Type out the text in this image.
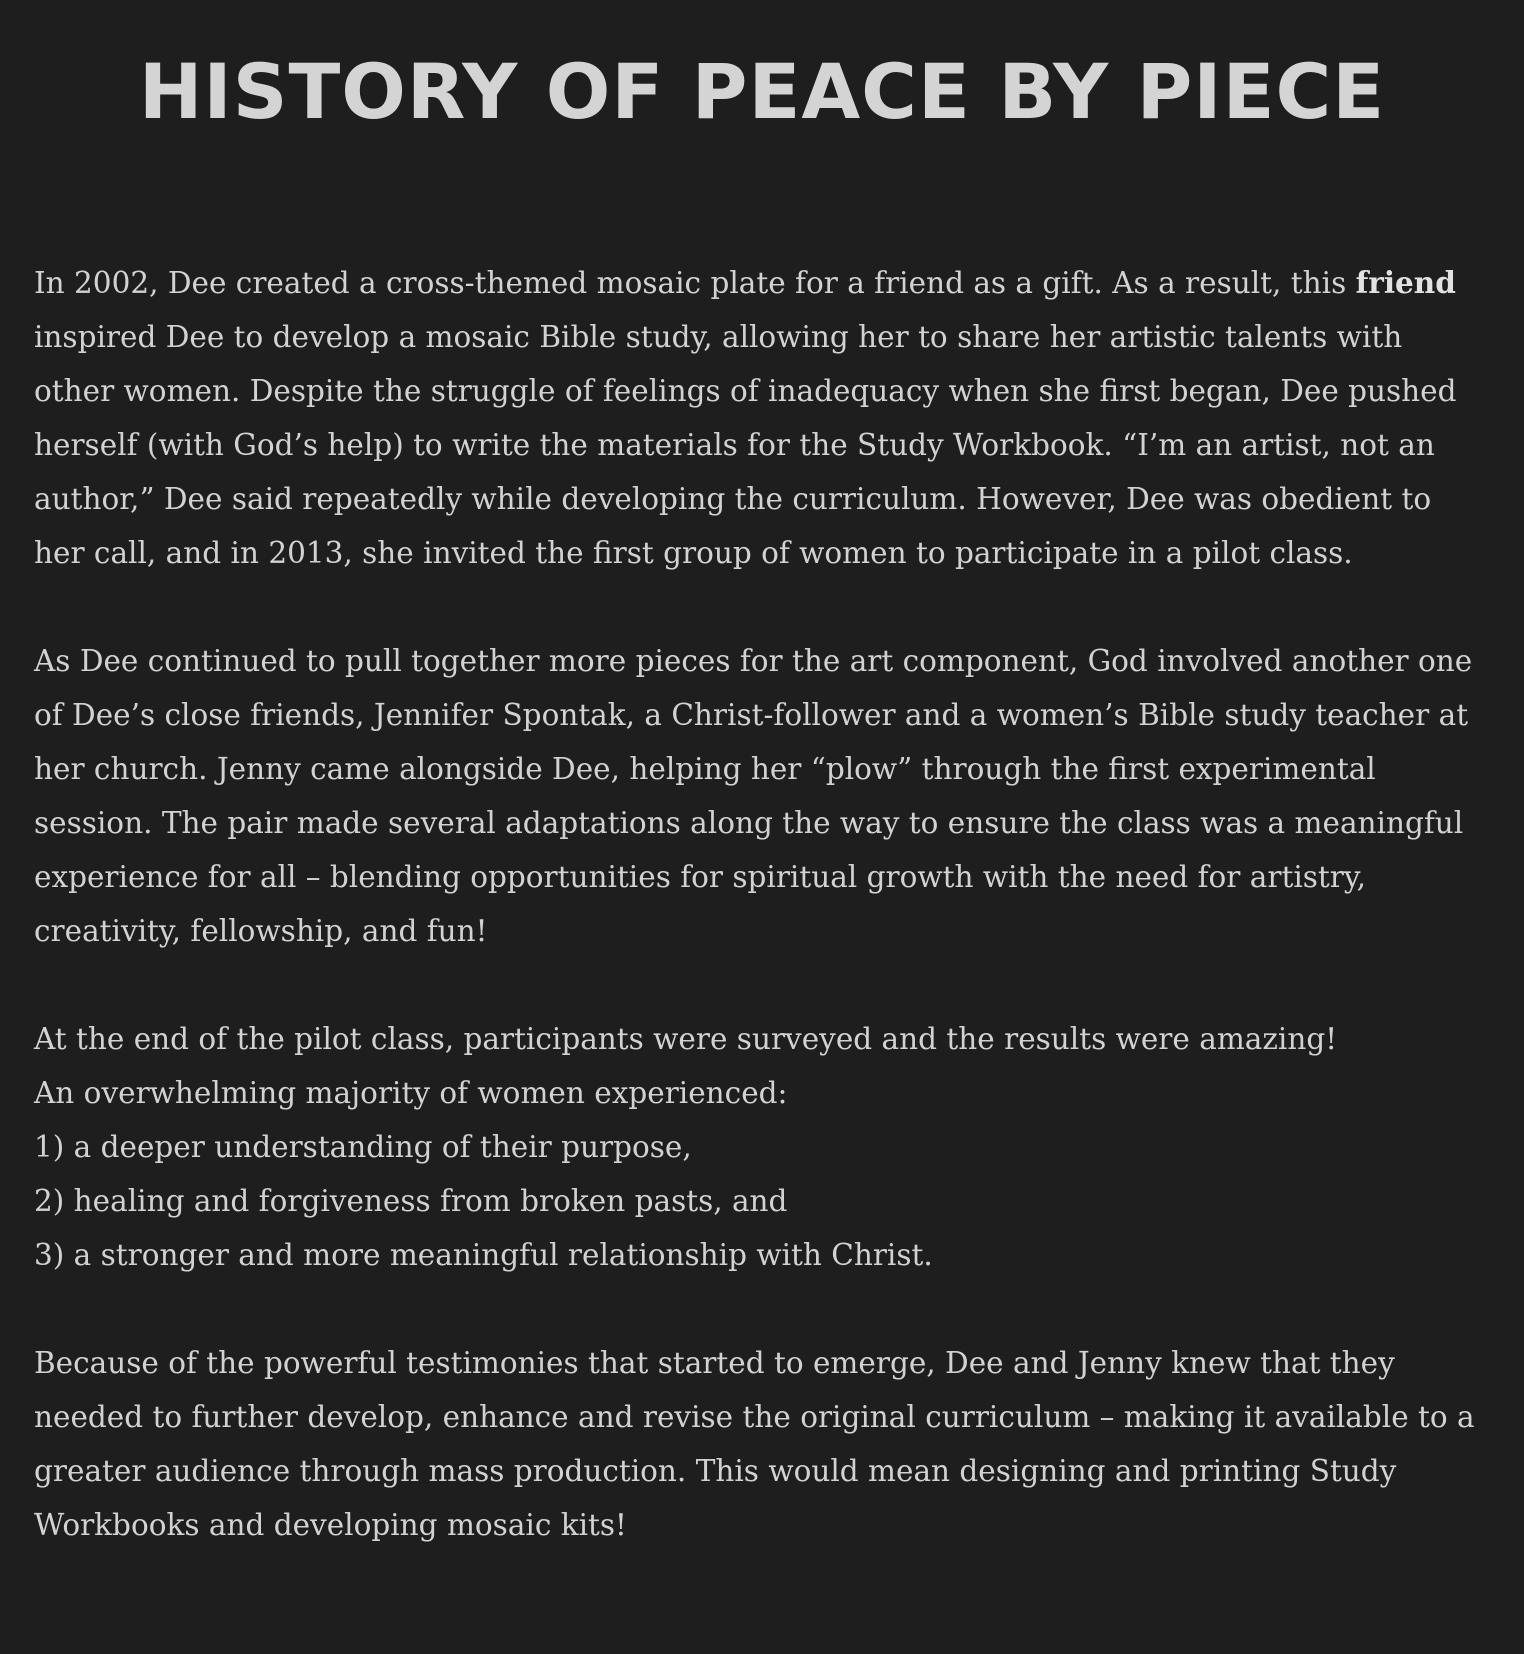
HISTORY OF PEACE BY PIECE

In 2002, Dee created a cross-themed mosaic plate for a friend as a gift. As a result, this friend inspired Dee to develop a mosaic Bible study, allowing her to share her artistic talents with other women. Despite the struggle of feelings of inadequacy when she first began, Dee pushed herself (with God’s help) to write the materials for the Study Workbook. “I’m an artist, not an author,” Dee said repeatedly while developing the curriculum. However, Dee was obedient to her call, and in 2013, she invited the first group of women to participate in a pilot class.

As Dee continued to pull together more pieces for the art component, God involved another one of Dee’s close friends, Jennifer Spontak, a Christ-follower and a women’s Bible study teacher at her church. Jenny came alongside Dee, helping her “plow” through the first experimental session. The pair made several adaptations along the way to ensure the class was a meaningful experience for all – blending opportunities for spiritual growth with the need for artistry, creativity, fellowship, and fun!

At the end of the pilot class, participants were surveyed and the results were amazing!
An overwhelming majority of women experienced:
1) a deeper understanding of their purpose,
2) healing and forgiveness from broken pasts, and
3) a stronger and more meaningful relationship with Christ.

Because of the powerful testimonies that started to emerge, Dee and Jenny knew that they needed to further develop, enhance and revise the original curriculum – making it available to a greater audience through mass production. This would mean designing and printing Study Workbooks and developing mosaic kits!
